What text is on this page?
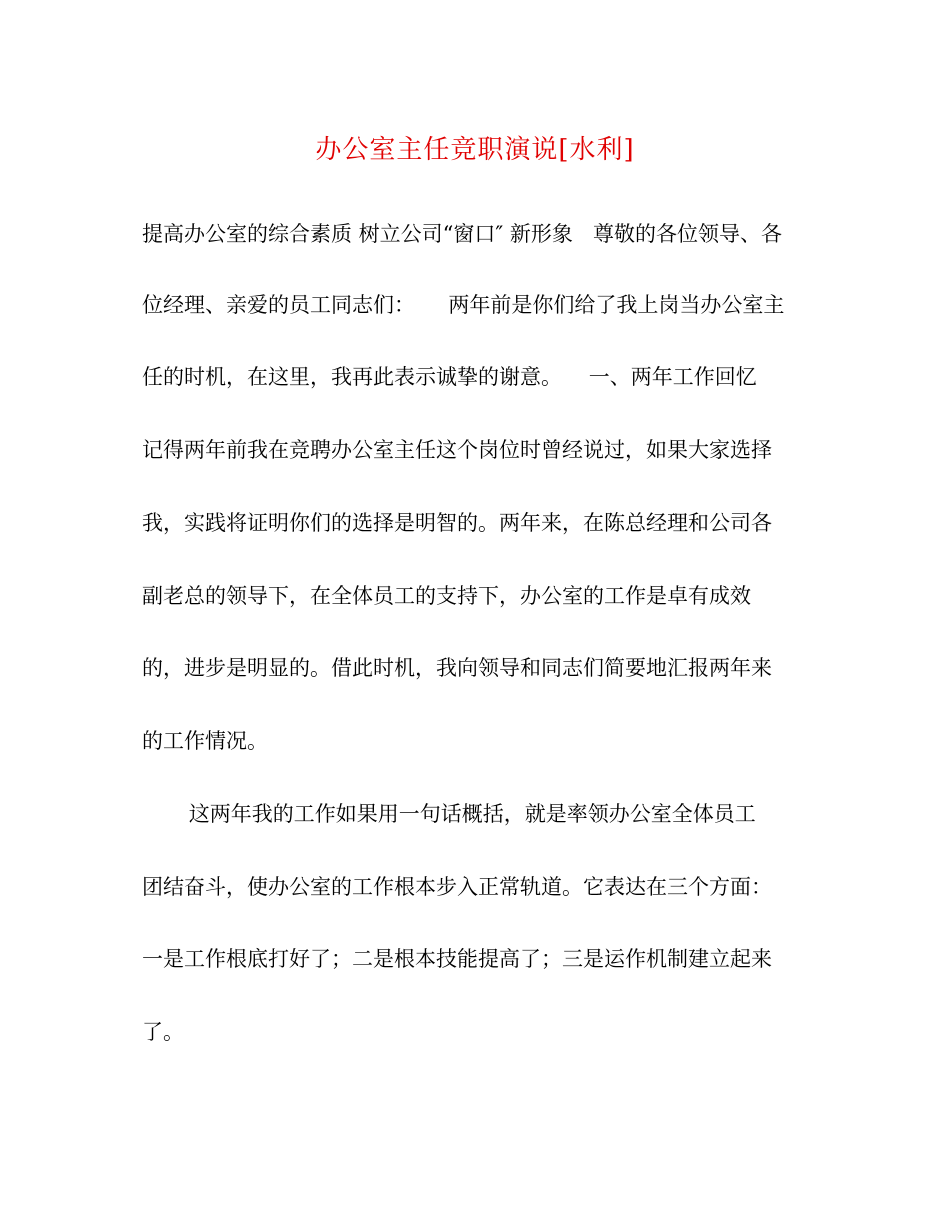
办公室主任竞职演说[水利]
提高办公室的综合素质 树立公司“窗口″ 新形象   尊敬的各位领导、各
位经理、亲爱的员工同志们：     两年前是你们给了我上岗当办公室主
任的时机，在这里，我再此表示诚挚的谢意。    一、两年工作回忆
记得两年前我在竞聘办公室主任这个岗位时曾经说过，如果大家选择
我，实践将证明你们的选择是明智的。两年来，在陈总经理和公司各
副老总的领导下，在全体员工的支持下，办公室的工作是卓有成效
的，进步是明显的。借此时机，我向领导和同志们简要地汇报两年来
的工作情况。
这两年我的工作如果用一句话概括，就是率领办公室全体员工
团结奋斗，使办公室的工作根本步入正常轨道。它表达在三个方面：
一是工作根底打好了；二是根本技能提高了；三是运作机制建立起来
了。
